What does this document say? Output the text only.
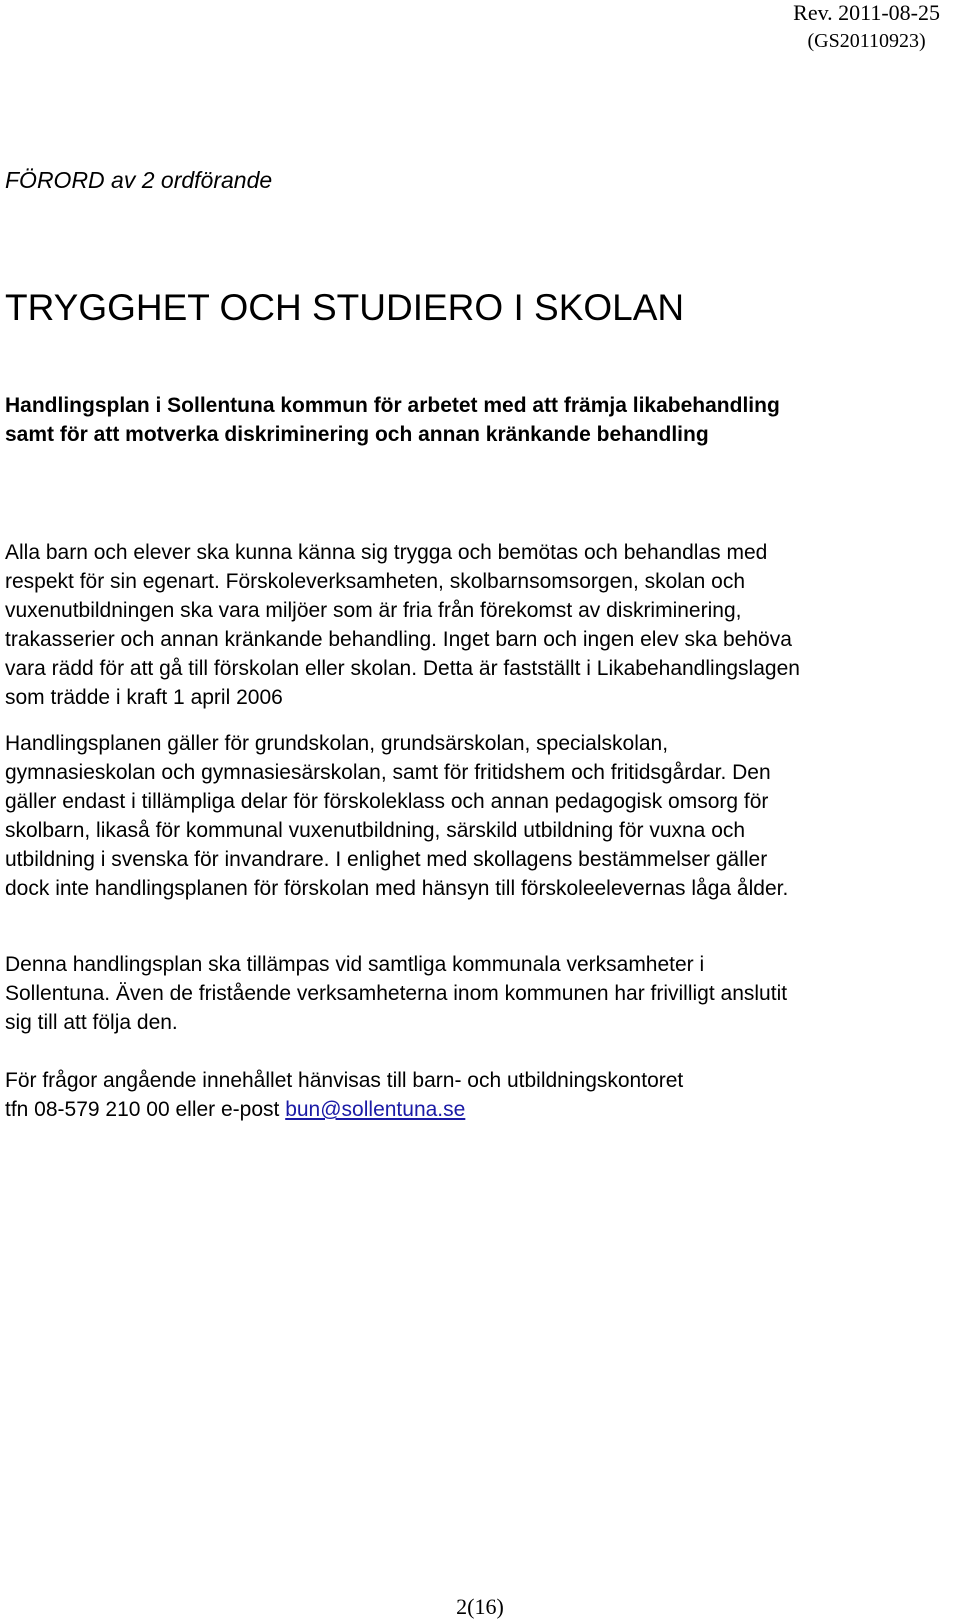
Rev. 2011-08-25
(GS20110923)
FÖRORD av 2 ordförande
TRYGGHET OCH STUDIERO I SKOLAN
Handlingsplan i Sollentuna kommun för arbetet med att främja likabehandling
samt för att motverka diskriminering och annan kränkande behandling
Alla barn och elever ska kunna känna sig trygga och bemötas och behandlas med
respekt för sin egenart. Förskoleverksamheten, skolbarnsomsorgen, skolan och
vuxenutbildningen ska vara miljöer som är fria från förekomst av diskriminering,
trakasserier och annan kränkande behandling. Inget barn och ingen elev ska behöva
vara rädd för att gå till förskolan eller skolan. Detta är fastställt i Likabehandlingslagen
som trädde i kraft 1 april 2006
Handlingsplanen gäller för grundskolan, grundsärskolan, specialskolan,
gymnasieskolan och gymnasiesärskolan, samt för fritidshem och fritidsgårdar. Den
gäller endast i tillämpliga delar för förskoleklass och annan pedagogisk omsorg för
skolbarn, likaså för kommunal vuxenutbildning, särskild utbildning för vuxna och
utbildning i svenska för invandrare. I enlighet med skollagens bestämmelser gäller
dock inte handlingsplanen för förskolan med hänsyn till förskoleelevernas låga ålder.
Denna handlingsplan ska tillämpas vid samtliga kommunala verksamheter i
Sollentuna. Även de fristående verksamheterna inom kommunen har frivilligt anslutit
sig till att följa den.
För frågor angående innehållet hänvisas till barn- och utbildningskontoret
tfn 08-579 210 00 eller e-post bun@sollentuna.se
2(16)
